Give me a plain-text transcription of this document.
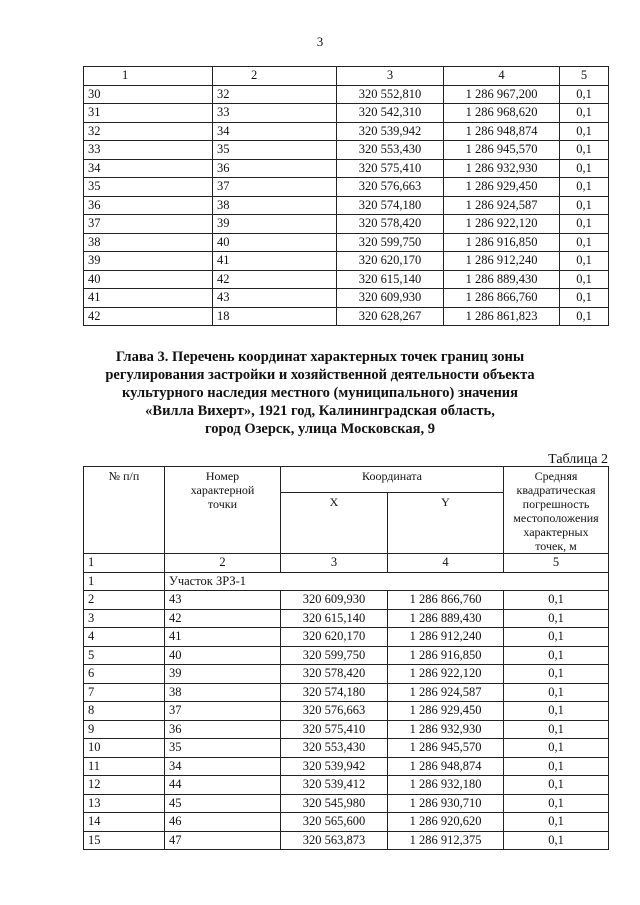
3
1	2	3	4	5
30	32	320 552,810	1 286 967,200	0,1
31	33	320 542,310	1 286 968,620	0,1
32	34	320 539,942	1 286 948,874	0,1
33	35	320 553,430	1 286 945,570	0,1
34	36	320 575,410	1 286 932,930	0,1
35	37	320 576,663	1 286 929,450	0,1
36	38	320 574,180	1 286 924,587	0,1
37	39	320 578,420	1 286 922,120	0,1
38	40	320 599,750	1 286 916,850	0,1
39	41	320 620,170	1 286 912,240	0,1
40	42	320 615,140	1 286 889,430	0,1
41	43	320 609,930	1 286 866,760	0,1
42	18	320 628,267	1 286 861,823	0,1
Глава 3. Перечень координат характерных точек границ зоны
регулирования застройки и хозяйственной деятельности объекта
культурного наследия местного (муниципального) значения
«Вилла Вихерт», 1921 год, Калининградская область,
город Озерск, улица Московская, 9
Таблица 2
№ п/п	Номер характерной точки	Координата		Средняя квадратическая погрешность местоположения характерных точек, м
		X	Y	
1	2	3	4	5
1	Участок ЗРЗ-1			
2	43	320 609,930	1 286 866,760	0,1
3	42	320 615,140	1 286 889,430	0,1
4	41	320 620,170	1 286 912,240	0,1
5	40	320 599,750	1 286 916,850	0,1
6	39	320 578,420	1 286 922,120	0,1
7	38	320 574,180	1 286 924,587	0,1
8	37	320 576,663	1 286 929,450	0,1
9	36	320 575,410	1 286 932,930	0,1
10	35	320 553,430	1 286 945,570	0,1
11	34	320 539,942	1 286 948,874	0,1
12	44	320 539,412	1 286 932,180	0,1
13	45	320 545,980	1 286 930,710	0,1
14	46	320 565,600	1 286 920,620	0,1
15	47	320 563,873	1 286 912,375	0,1
